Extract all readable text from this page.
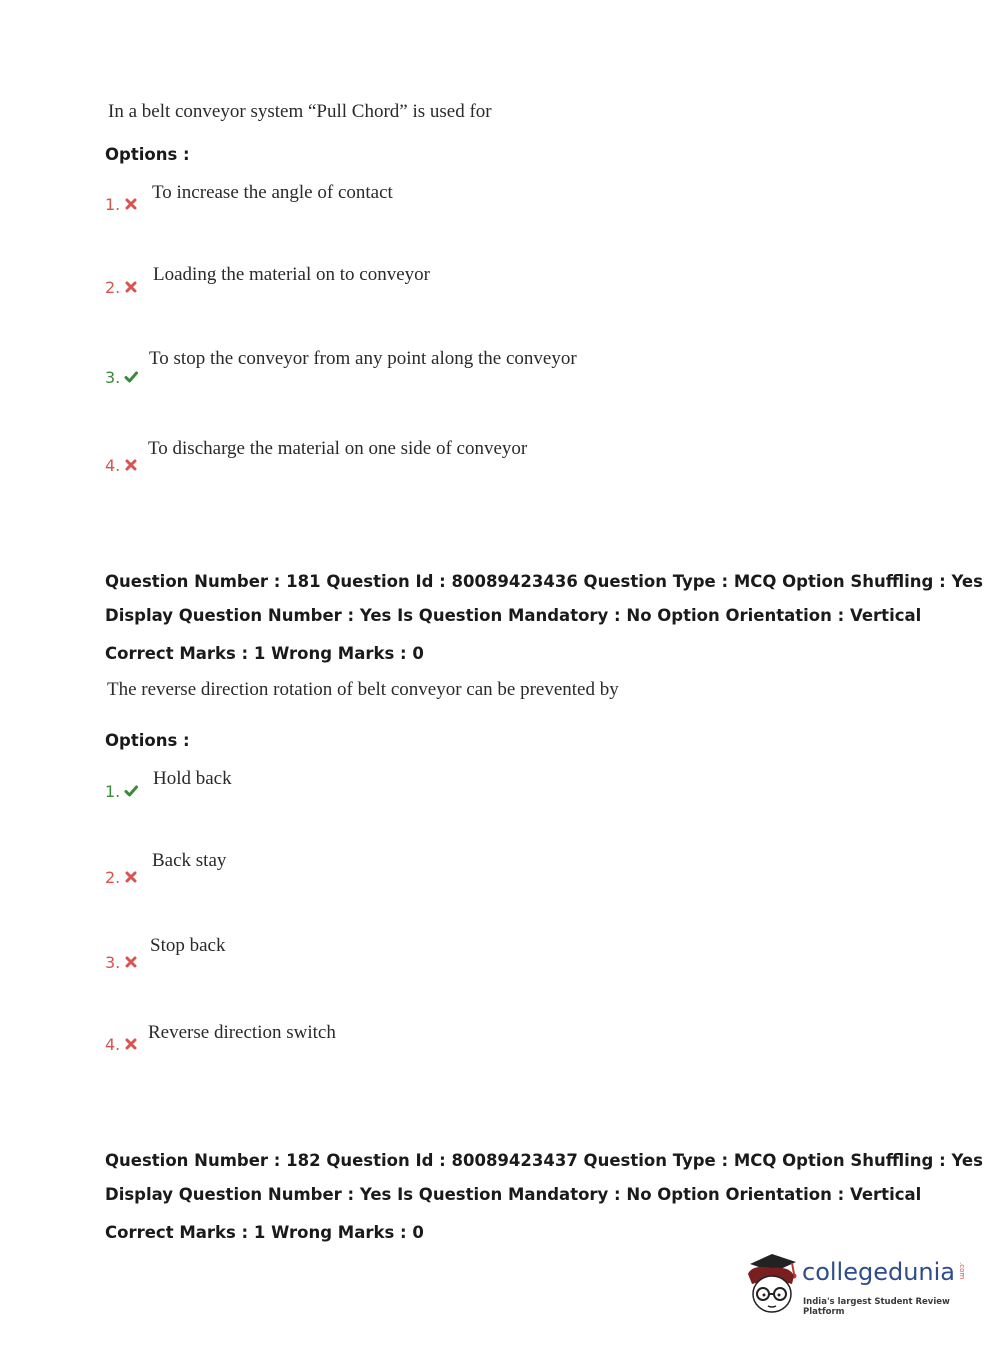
In a belt conveyor system “Pull Chord” is used for
Options :
1.
To increase the angle of contact
2.
Loading the material on to conveyor
3.
To stop the conveyor from any point along the conveyor
4.
To discharge the material on one side of conveyor
Question Number : 181 Question Id : 80089423436 Question Type : MCQ Option Shuffling : Yes
Display Question Number : Yes Is Question Mandatory : No Option Orientation : Vertical
Correct Marks : 1 Wrong Marks : 0
The reverse direction rotation of belt conveyor can be prevented by
Options :
1.
Hold back
2.
Back stay
3.
Stop back
4.
Reverse direction switch
Question Number : 182 Question Id : 80089423437 Question Type : MCQ Option Shuffling : Yes
Display Question Number : Yes Is Question Mandatory : No Option Orientation : Vertical
Correct Marks : 1 Wrong Marks : 0
collegedunia .com
India's largest Student Review Platform
